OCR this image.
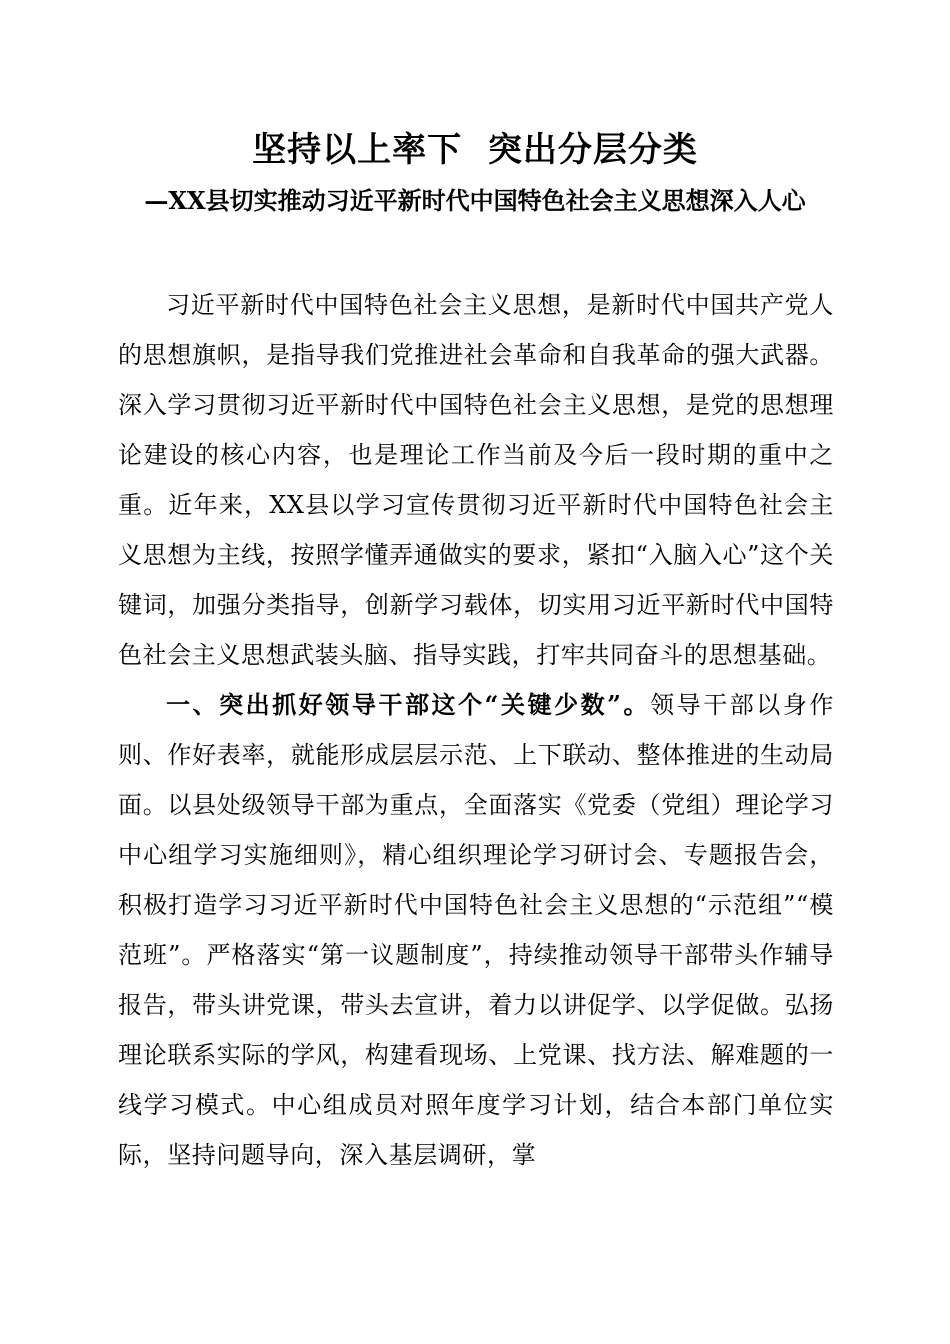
坚持以上率下  突出分层分类
—XX县切实推动习近平新时代中国特色社会主义思想深入人心

习近平新时代中国特色社会主义思想，是新时代中国共产党人的思想旗帜，是指导我们党推进社会革命和自我革命的强大武器。深入学习贯彻习近平新时代中国特色社会主义思想，是党的思想理论建设的核心内容，也是理论工作当前及今后一段时期的重中之重。近年来，XX县以学习宣传贯彻习近平新时代中国特色社会主义思想为主线，按照学懂弄通做实的要求，紧扣“入脑入心”这个关键词，加强分类指导，创新学习载体，切实用习近平新时代中国特色社会主义思想武装头脑、指导实践，打牢共同奋斗的思想基础。

一、突出抓好领导干部这个“关键少数”。领导干部以身作则、作好表率，就能形成层层示范、上下联动、整体推进的生动局面。以县处级领导干部为重点，全面落实《党委（党组）理论学习中心组学习实施细则》，精心组织理论学习研讨会、专题报告会，积极打造学习习近平新时代中国特色社会主义思想的“示范组”“模范班”。严格落实“第一议题制度”，持续推动领导干部带头作辅导报告，带头讲党课，带头去宣讲，着力以讲促学、以学促做。弘扬理论联系实际的学风，构建看现场、上党课、找方法、解难题的一线学习模式。中心组成员对照年度学习计划，结合本部门单位实际，坚持问题导向，深入基层调研，掌
